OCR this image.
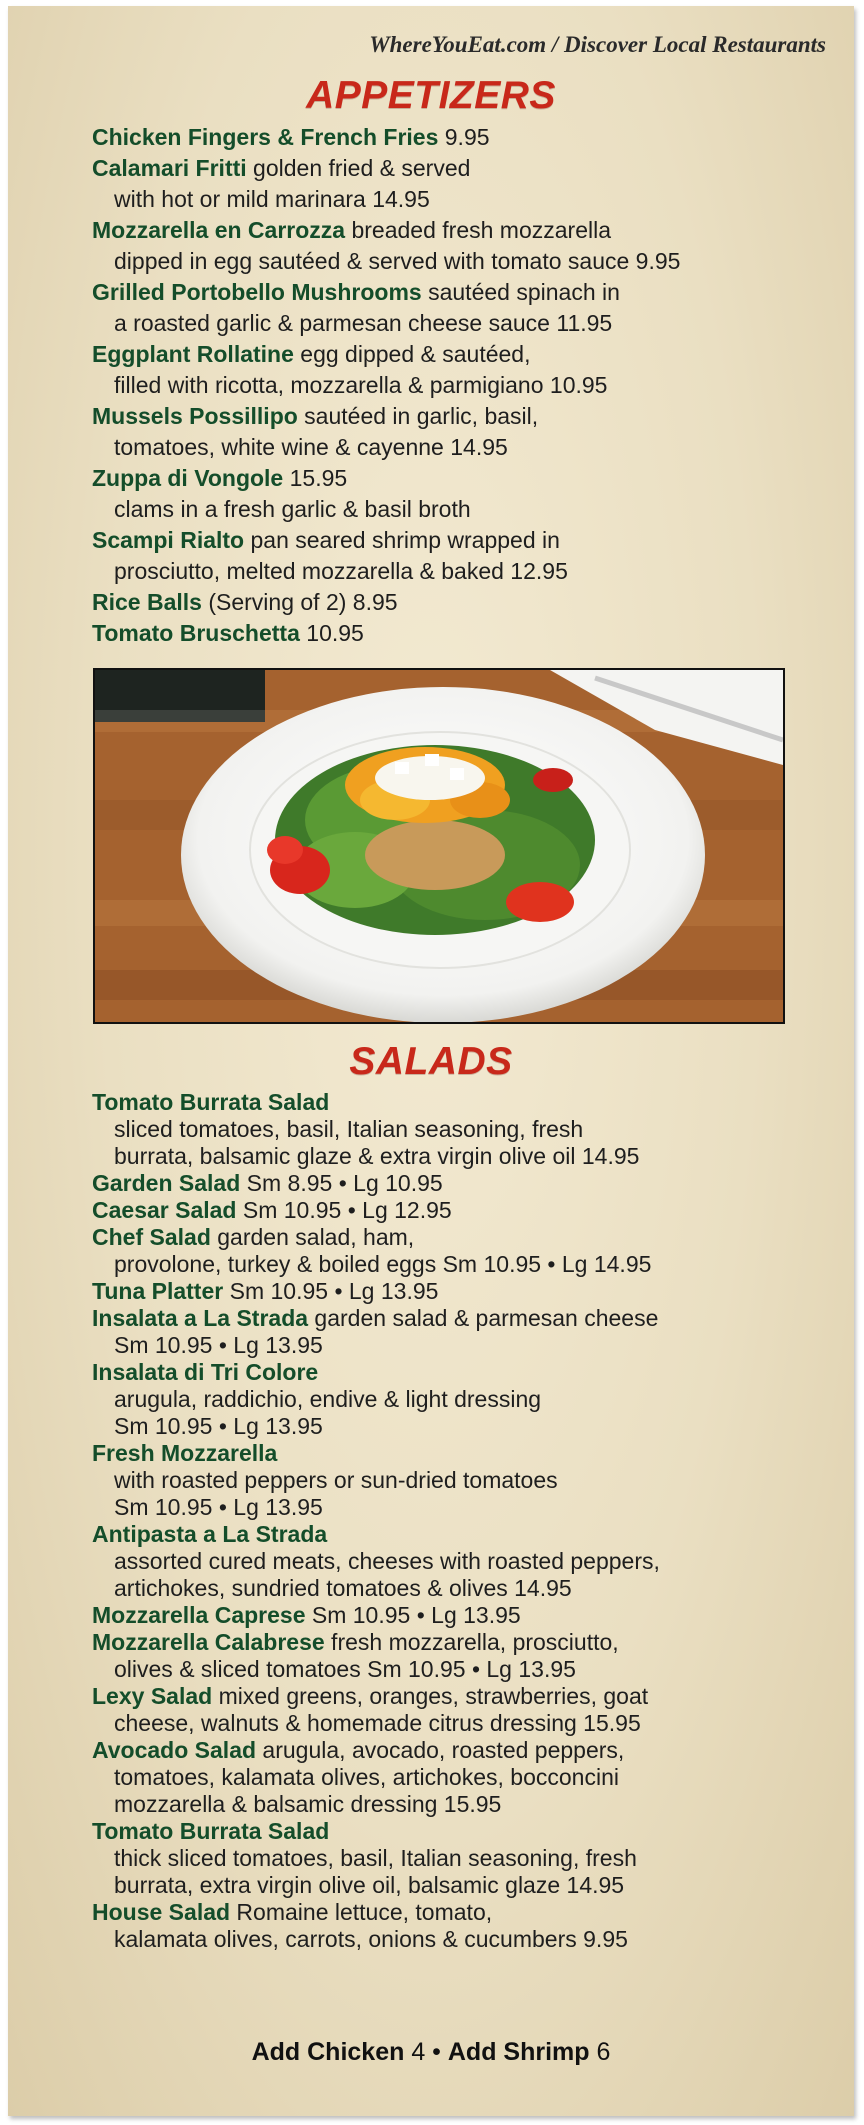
WhereYouEat.com / Discover Local Restaurants
APPETIZERS
Chicken Fingers & French Fries 9.95
Calamari Fritti golden fried & served
with hot or mild marinara 14.95
Mozzarella en Carrozza breaded fresh mozzarella
dipped in egg sautéed & served with tomato sauce 9.95
Grilled Portobello Mushrooms sautéed spinach in
a roasted garlic & parmesan cheese sauce 11.95
Eggplant Rollatine egg dipped & sautéed,
filled with ricotta, mozzarella & parmigiano 10.95
Mussels Possillipo sautéed in garlic, basil,
tomatoes, white wine & cayenne 14.95
Zuppa di Vongole 15.95
clams in a fresh garlic & basil broth
Scampi Rialto pan seared shrimp wrapped in
prosciutto, melted mozzarella & baked 12.95
Rice Balls (Serving of 2) 8.95
Tomato Bruschetta 10.95
SALADS
Tomato Burrata Salad
sliced tomatoes, basil, Italian seasoning, fresh
burrata, balsamic glaze & extra virgin olive oil 14.95
Garden Salad Sm 8.95 • Lg 10.95
Caesar Salad Sm 10.95 • Lg 12.95
Chef Salad garden salad, ham,
provolone, turkey & boiled eggs Sm 10.95 • Lg 14.95
Tuna Platter Sm 10.95 • Lg 13.95
Insalata a La Strada garden salad & parmesan cheese
Sm 10.95 • Lg 13.95
Insalata di Tri Colore
arugula, raddichio, endive & light dressing
Sm 10.95 • Lg 13.95
Fresh Mozzarella
with roasted peppers or sun-dried tomatoes
Sm 10.95 • Lg 13.95
Antipasta a La Strada
assorted cured meats, cheeses with roasted peppers,
artichokes, sundried tomatoes & olives 14.95
Mozzarella Caprese Sm 10.95 • Lg 13.95
Mozzarella Calabrese fresh mozzarella, prosciutto,
olives & sliced tomatoes Sm 10.95 • Lg 13.95
Lexy Salad mixed greens, oranges, strawberries, goat
cheese, walnuts & homemade citrus dressing 15.95
Avocado Salad arugula, avocado, roasted peppers,
tomatoes, kalamata olives, artichokes, bocconcini
mozzarella & balsamic dressing 15.95
Tomato Burrata Salad
thick sliced tomatoes, basil, Italian seasoning, fresh
burrata, extra virgin olive oil, balsamic glaze 14.95
House Salad Romaine lettuce, tomato,
kalamata olives, carrots, onions & cucumbers 9.95
Add Chicken 4 • Add Shrimp 6
